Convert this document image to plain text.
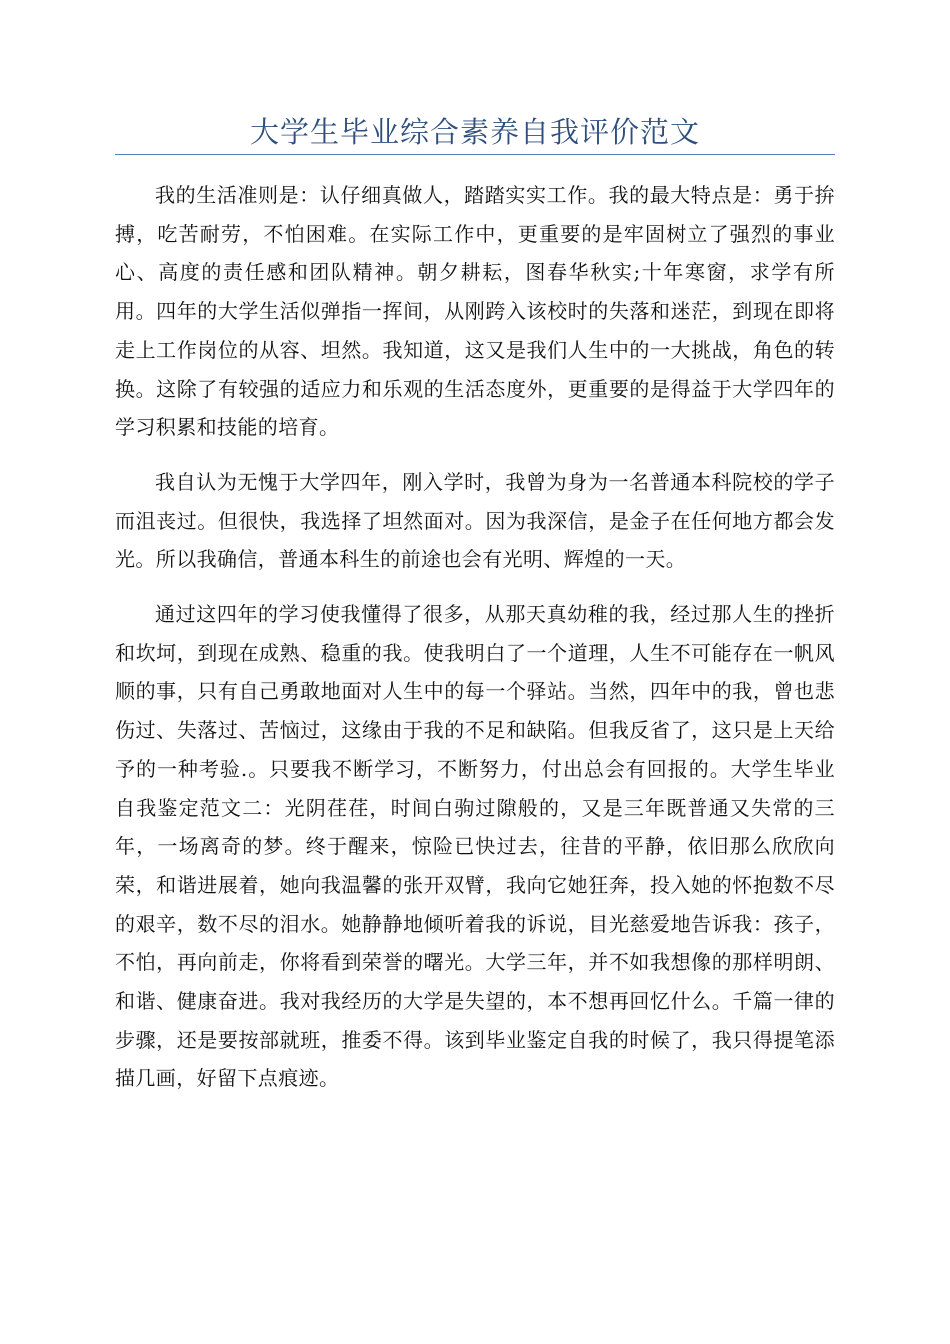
大学生毕业综合素养自我评价范文

我的生活准则是：认仔细真做人，踏踏实实工作。我的最大特点是：勇于拚搏，吃苦耐劳，不怕困难。在实际工作中，更重要的是牢固树立了强烈的事业心、高度的责任感和团队精神。朝夕耕耘，图春华秋实;十年寒窗，求学有所用。四年的大学生活似弹指一挥间，从刚跨入该校时的失落和迷茫，到现在即将走上工作岗位的从容、坦然。我知道，这又是我们人生中的一大挑战，角色的转换。这除了有较强的适应力和乐观的生活态度外，更重要的是得益于大学四年的学习积累和技能的培育。

我自认为无愧于大学四年，刚入学时，我曾为身为一名普通本科院校的学子而沮丧过。但很快，我选择了坦然面对。因为我深信，是金子在任何地方都会发光。所以我确信，普通本科生的前途也会有光明、辉煌的一天。

通过这四年的学习使我懂得了很多，从那天真幼稚的我，经过那人生的挫折和坎坷，到现在成熟、稳重的我。使我明白了一个道理，人生不可能存在一帆风顺的事，只有自己勇敢地面对人生中的每一个驿站。当然，四年中的我，曾也悲伤过、失落过、苦恼过，这缘由于我的不足和缺陷。但我反省了，这只是上天给予的一种考验.。只要我不断学习，不断努力，付出总会有回报的。大学生毕业自我鉴定范文二：光阴荏荏，时间白驹过隙般的，又是三年既普通又失常的三年，一场离奇的梦。终于醒来，惊险已快过去，往昔的平静，依旧那么欣欣向荣，和谐进展着，她向我温馨的张开双臂，我向它她狂奔，投入她的怀抱数不尽的艰辛，数不尽的泪水。她静静地倾听着我的诉说，目光慈爱地告诉我：孩子，不怕，再向前走，你将看到荣誉的曙光。大学三年，并不如我想像的那样明朗、和谐、健康奋进。我对我经历的大学是失望的，本不想再回忆什么。千篇一律的步骤，还是要按部就班，推委不得。该到毕业鉴定自我的时候了，我只得提笔添描几画，好留下点痕迹。
